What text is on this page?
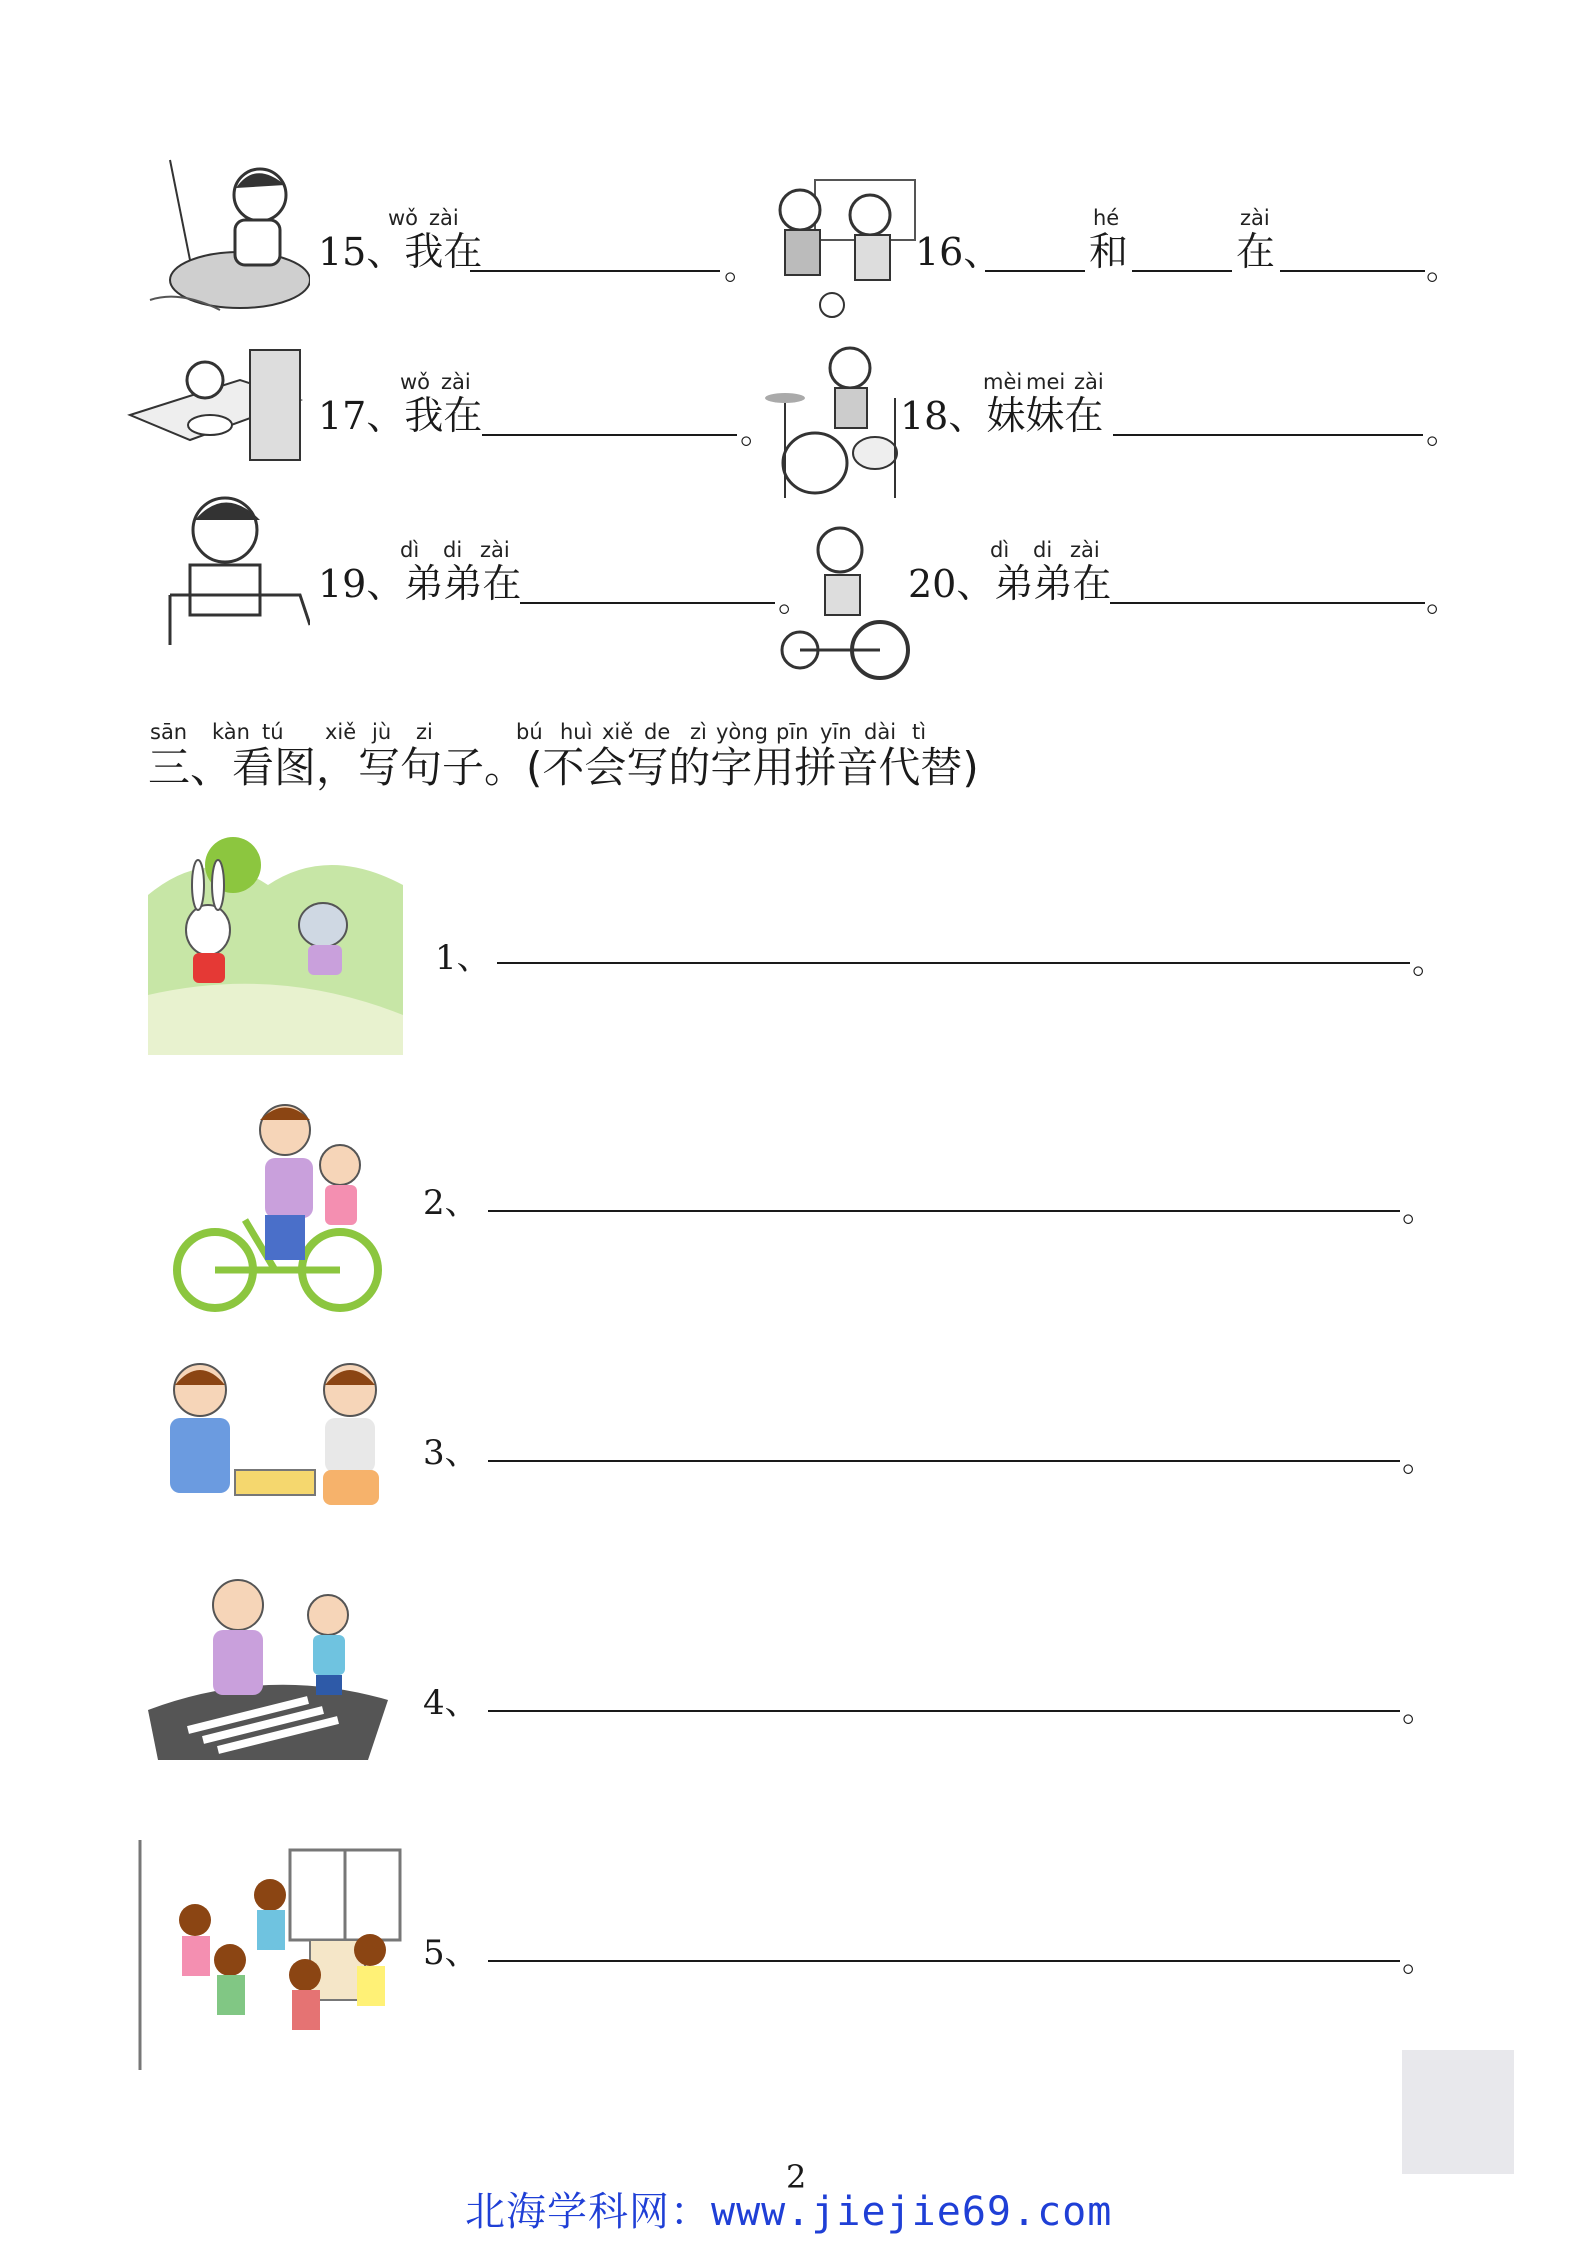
wǒ zài
15、我在	。	16、
hé
和
zài
在	。
wǒ zài
17、我在	。
mèi mei zài
18、妹妹在	。
dì di zài
19、弟弟在	。
dì di zài
20、弟弟在	。
sān kàn tú xiě jù zi	bú huì xiě de zì yòng pīn yīn dài tì
三、看图，写句子。(不会写的字用拼音代替)
1、	。
2、	。
3、	。
4、	。
5、	。
2
北海学科网：www.jiejie69.com
